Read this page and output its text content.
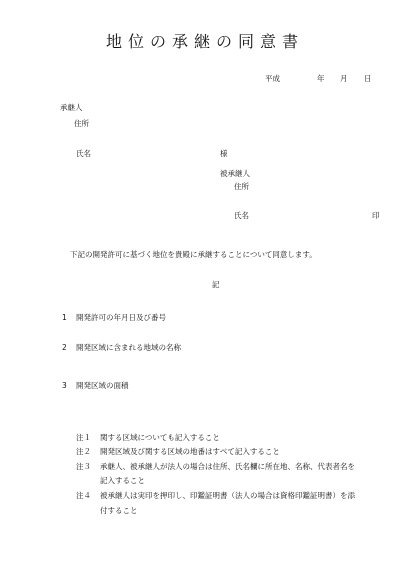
地位の承継の同意書
平成	年 月 日
承継人
住所
氏名	様
被承継人
住所
氏名	印
下記の開発許可に基づく地位を貴殿に承継することについて同意します。
記
1 開発許可の年月日及び番号
2 開発区域に含まれる地域の名称
3 開発区域の面積
注１ 関する区域についても記入すること
注２ 開発区域及び関する区域の地番はすべて記入すること
注３ 承継人、被承継人が法人の場合は住所、氏名欄に所在地、名称、代表者名を
記入すること
注４ 被承継人は実印を押印し、印鑑証明書（法人の場合は資格印鑑証明書）を添
付すること
